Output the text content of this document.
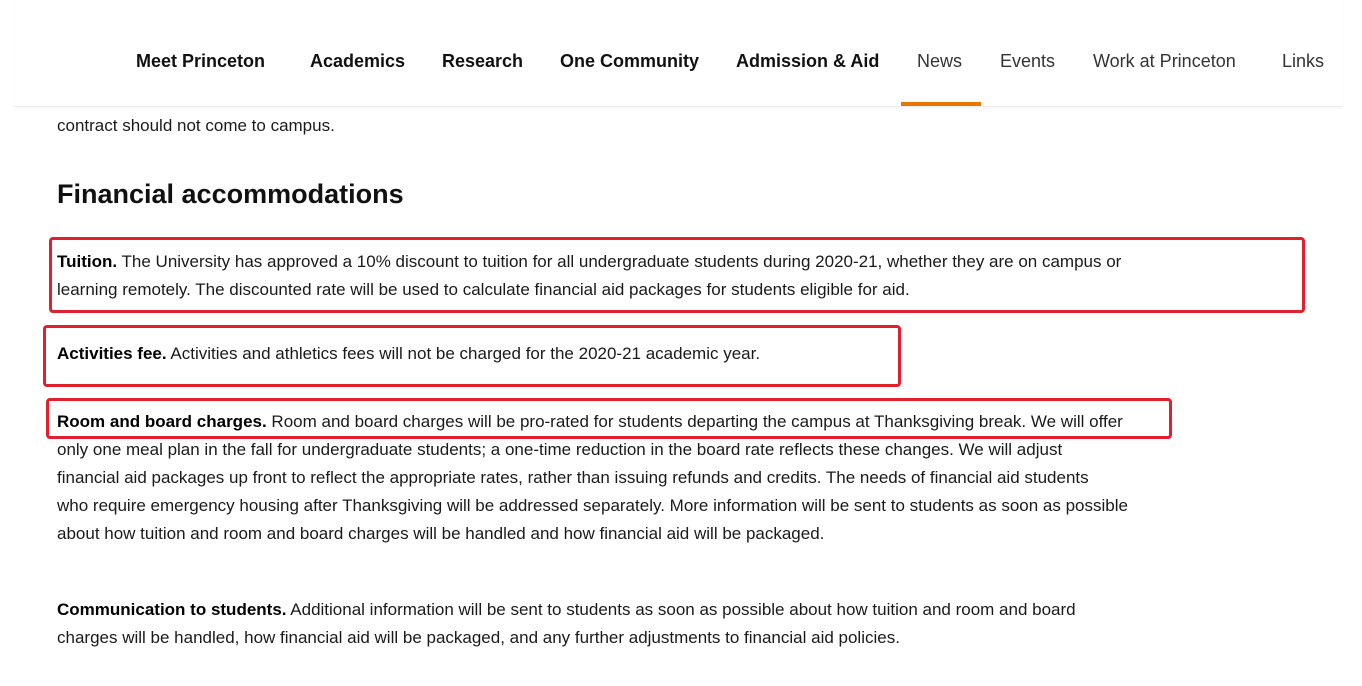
Meet Princeton Academics Research One Community Admission & Aid News Events Work at Princeton	Links
contract should not come to campus.
Financial accommodations
Tuition. The University has approved a 10% discount to tuition for all undergraduate students during 2020-21, whether they are on campus or
learning remotely. The discounted rate will be used to calculate financial aid packages for students eligible for aid.
Activities fee. Activities and athletics fees will not be charged for the 2020-21 academic year.
Room and board charges. Room and board charges will be pro-rated for students departing the campus at Thanksgiving break. We will offer
only one meal plan in the fall for undergraduate students; a one-time reduction in the board rate reflects these changes. We will adjust
financial aid packages up front to reflect the appropriate rates, rather than issuing refunds and credits. The needs of financial aid students
who require emergency housing after Thanksgiving will be addressed separately. More information will be sent to students as soon as possible
about how tuition and room and board charges will be handled and how financial aid will be packaged.
Communication to students. Additional information will be sent to students as soon as possible about how tuition and room and board
charges will be handled, how financial aid will be packaged, and any further adjustments to financial aid policies.
